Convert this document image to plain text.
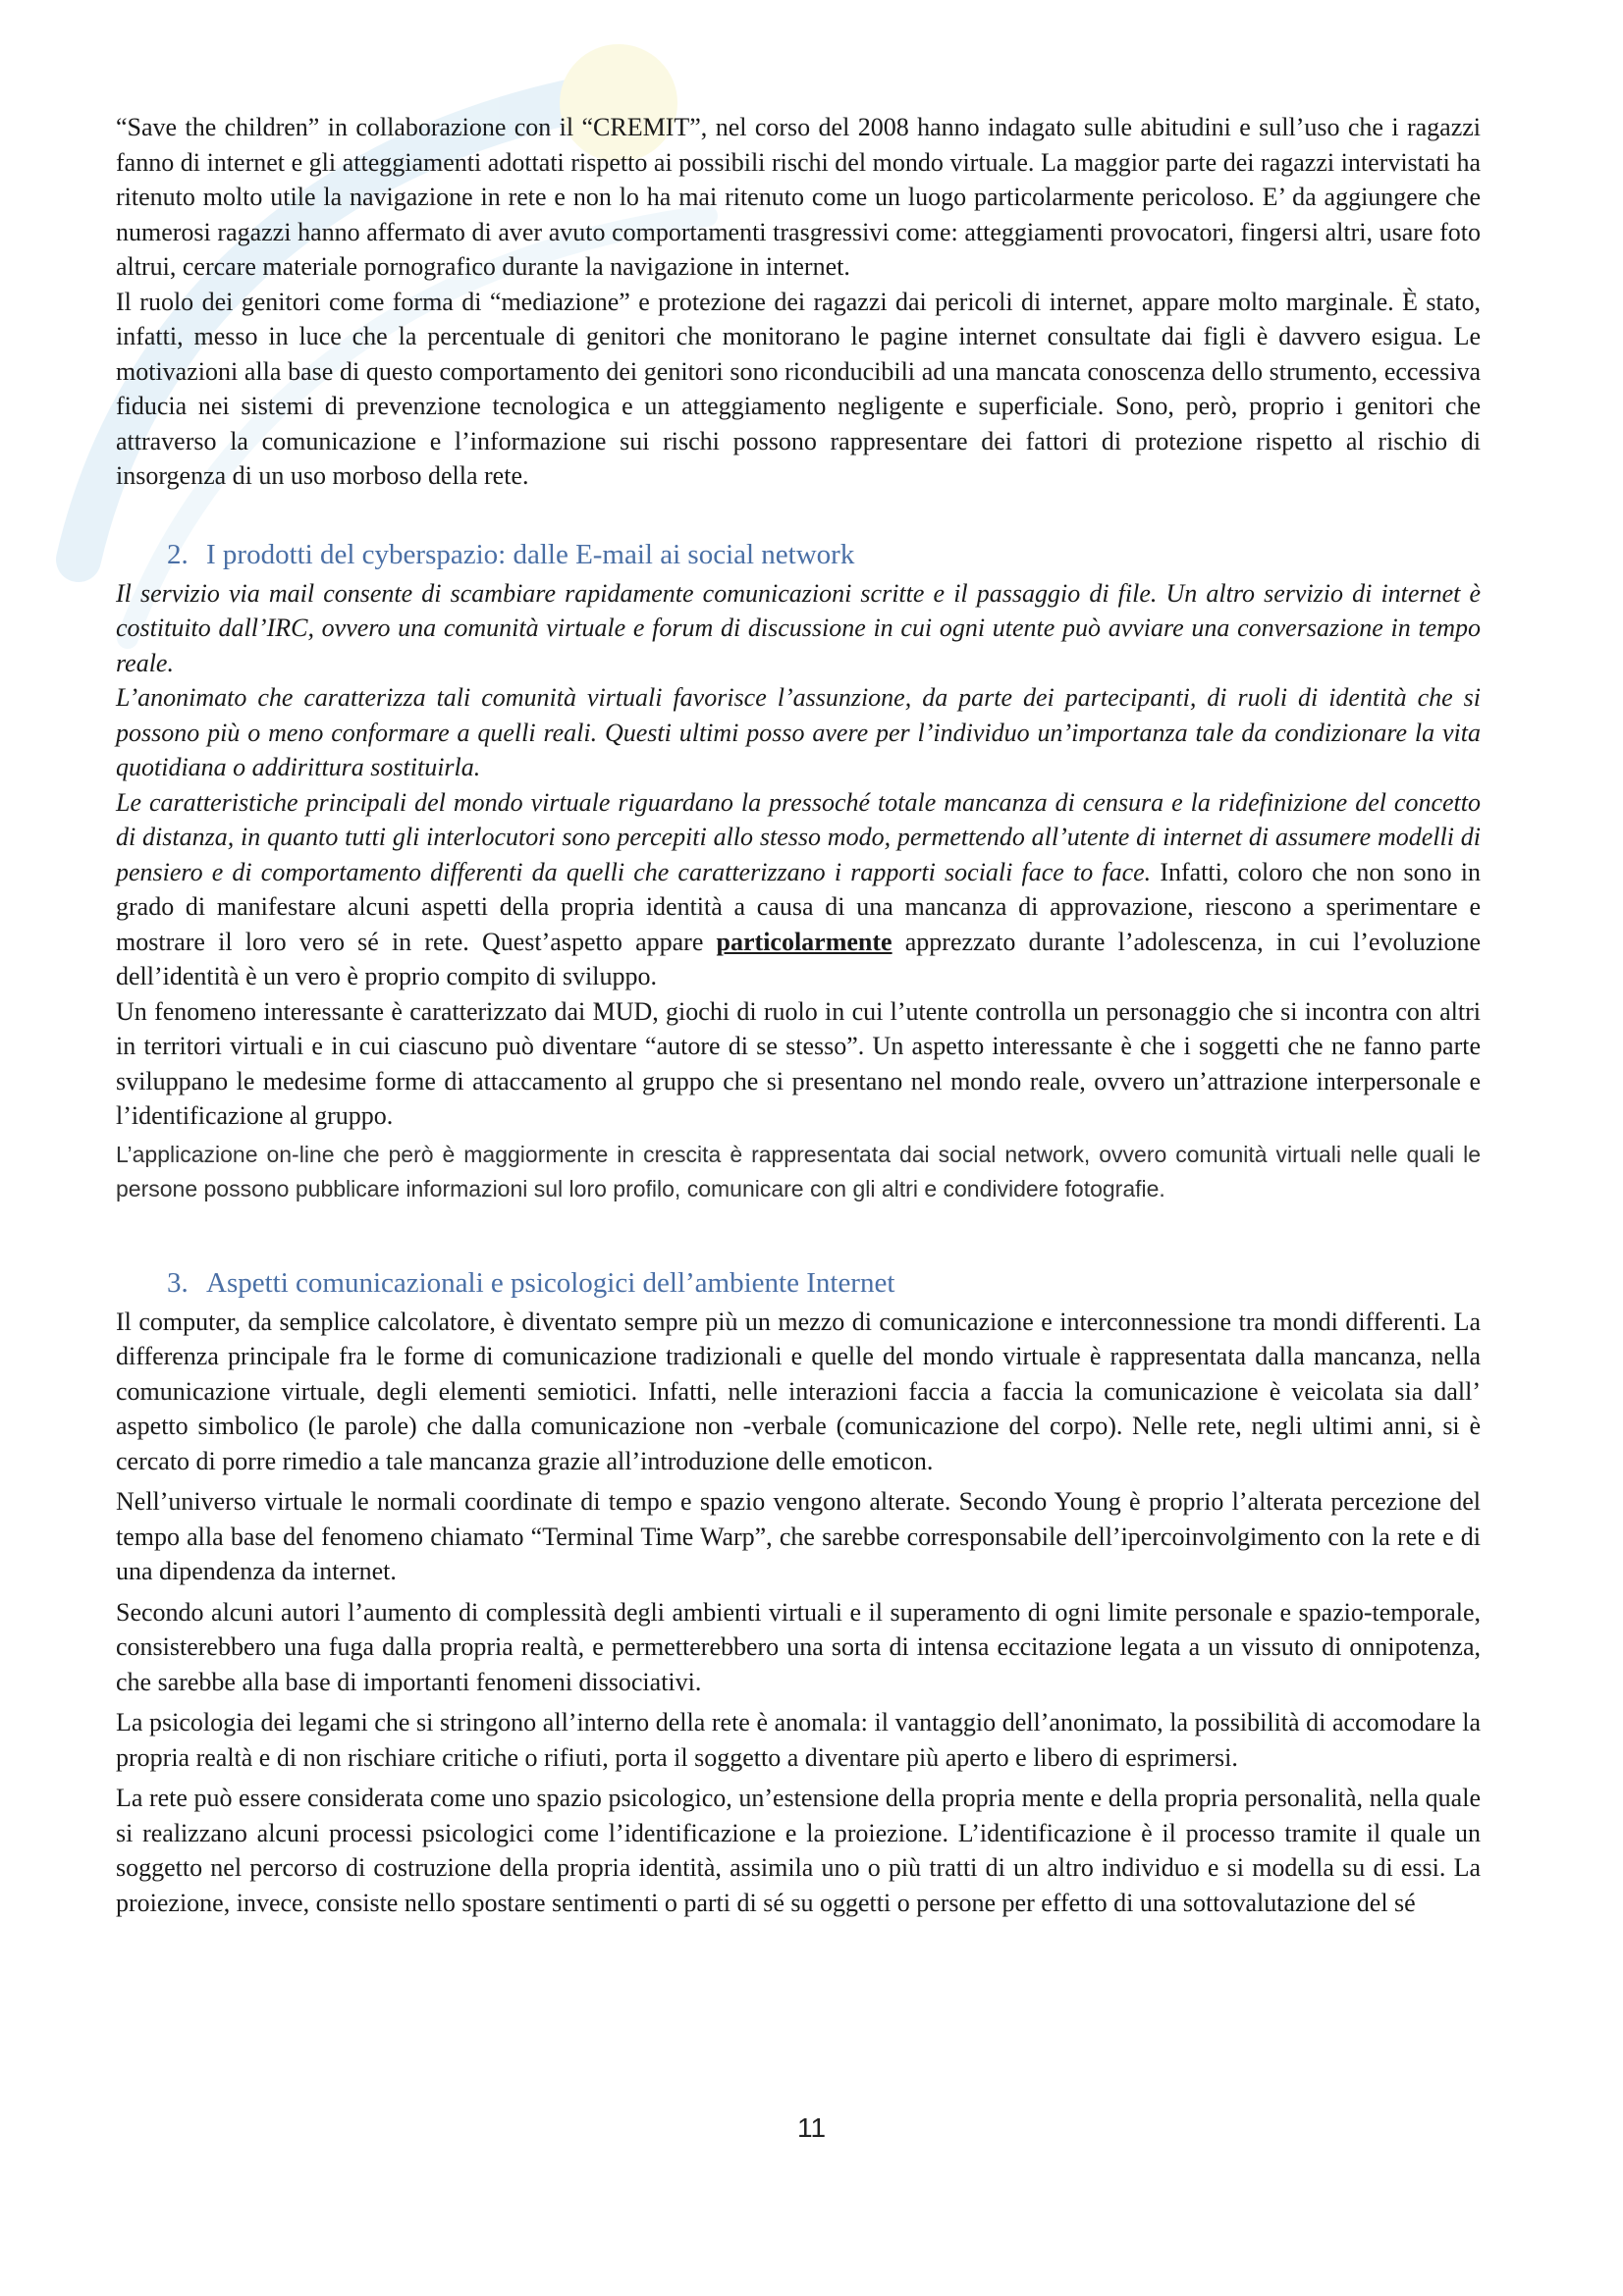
“Save the children” in collaborazione con il “CREMIT”, nel corso del 2008 hanno indagato sulle abitudini e sull’uso che i ragazzi fanno di internet e gli atteggiamenti adottati rispetto ai possibili rischi del mondo virtuale. La maggior parte dei ragazzi intervistati ha ritenuto molto utile la navigazione in rete e non lo ha mai ritenuto come un luogo particolarmente pericoloso. E’ da aggiungere che numerosi ragazzi hanno affermato di aver avuto comportamenti trasgressivi come: atteggiamenti provocatori, fingersi altri, usare foto altrui, cercare materiale pornografico durante la navigazione in internet.

Il ruolo dei genitori come forma di “mediazione” e protezione dei ragazzi dai pericoli di internet, appare molto marginale. È stato, infatti, messo in luce che la percentuale di genitori che monitorano le pagine internet consultate dai figli è davvero esigua. Le motivazioni alla base di questo comportamento dei genitori sono riconducibili ad una mancata conoscenza dello strumento, eccessiva fiducia nei sistemi di prevenzione tecnologica e un atteggiamento negligente e superficiale. Sono, però, proprio i genitori che attraverso la comunicazione e l’informazione sui rischi possono rappresentare dei fattori di protezione rispetto al rischio di insorgenza di un uso morboso della rete.

2. I prodotti del cyberspazio: dalle E-mail ai social network

Il servizio via mail consente di scambiare rapidamente comunicazioni scritte e il passaggio di file. Un altro servizio di internet è costituito dall’IRC, ovvero una comunità virtuale e forum di discussione in cui ogni utente può avviare una conversazione in tempo reale.

L’anonimato che caratterizza tali comunità virtuali favorisce l’assunzione, da parte dei partecipanti, di ruoli di identità che si possono più o meno conformare a quelli reali. Questi ultimi posso avere per l’individuo un’importanza tale da condizionare la vita quotidiana o addirittura sostituirla.

Le caratteristiche principali del mondo virtuale riguardano la pressoché totale mancanza di censura e la ridefinizione del concetto di distanza, in quanto tutti gli interlocutori sono percepiti allo stesso modo, permettendo all’utente di internet di assumere modelli di pensiero e di comportamento differenti da quelli che caratterizzano i rapporti sociali face to face. Infatti, coloro che non sono in grado di manifestare alcuni aspetti della propria identità a causa di una mancanza di approvazione, riescono a sperimentare e mostrare il loro vero sé in rete. Quest’aspetto appare particolarmente apprezzato durante l’adolescenza, in cui l’evoluzione dell’identità è un vero è proprio compito di sviluppo.

Un fenomeno interessante è caratterizzato dai MUD, giochi di ruolo in cui l’utente controlla un personaggio che si incontra con altri in territori virtuali e in cui ciascuno può diventare “autore di se stesso”. Un aspetto interessante è che i soggetti che ne fanno parte sviluppano le medesime forme di attaccamento al gruppo che si presentano nel mondo reale, ovvero un’attrazione interpersonale e l’identificazione al gruppo.

L’applicazione on-line che però è maggiormente in crescita è rappresentata dai social network, ovvero comunità virtuali nelle quali le persone possono pubblicare informazioni sul loro profilo, comunicare con gli altri e condividere fotografie.

3. Aspetti comunicazionali e psicologici dell’ambiente Internet

Il computer, da semplice calcolatore, è diventato sempre più un mezzo di comunicazione e interconnessione tra mondi differenti. La differenza principale fra le forme di comunicazione tradizionali e quelle del mondo virtuale è rappresentata dalla mancanza, nella comunicazione virtuale, degli elementi semiotici. Infatti, nelle interazioni faccia a faccia la comunicazione è veicolata sia dall’ aspetto simbolico (le parole) che dalla comunicazione non -verbale (comunicazione del corpo). Nelle rete, negli ultimi anni, si è cercato di porre rimedio a tale mancanza grazie all’introduzione delle emoticon.

Nell’universo virtuale le normali coordinate di tempo e spazio vengono alterate. Secondo Young è proprio l’alterata percezione del tempo alla base del fenomeno chiamato “Terminal Time Warp”, che sarebbe corresponsabile dell’ipercoinvolgimento con la rete e di una dipendenza da internet.

Secondo alcuni autori l’aumento di complessità degli ambienti virtuali e il superamento di ogni limite personale e spazio-temporale, consisterebbero una fuga dalla propria realtà, e permetterebbero una sorta di intensa eccitazione legata a un vissuto di onnipotenza, che sarebbe alla base di importanti fenomeni dissociativi.

La psicologia dei legami che si stringono all’interno della rete è anomala: il vantaggio dell’anonimato, la possibilità di accomodare la propria realtà e di non rischiare critiche o rifiuti, porta il soggetto a diventare più aperto e libero di esprimersi.

La rete può essere considerata come uno spazio psicologico, un’estensione della propria mente e della propria personalità, nella quale si realizzano alcuni processi psicologici come l’identificazione e la proiezione. L’identificazione è il processo tramite il quale un soggetto nel percorso di costruzione della propria identità, assimila uno o più tratti di un altro individuo e si modella su di essi. La proiezione, invece, consiste nello spostare sentimenti o parti di sé su oggetti o persone per effetto di una sottovalutazione del sé

11
